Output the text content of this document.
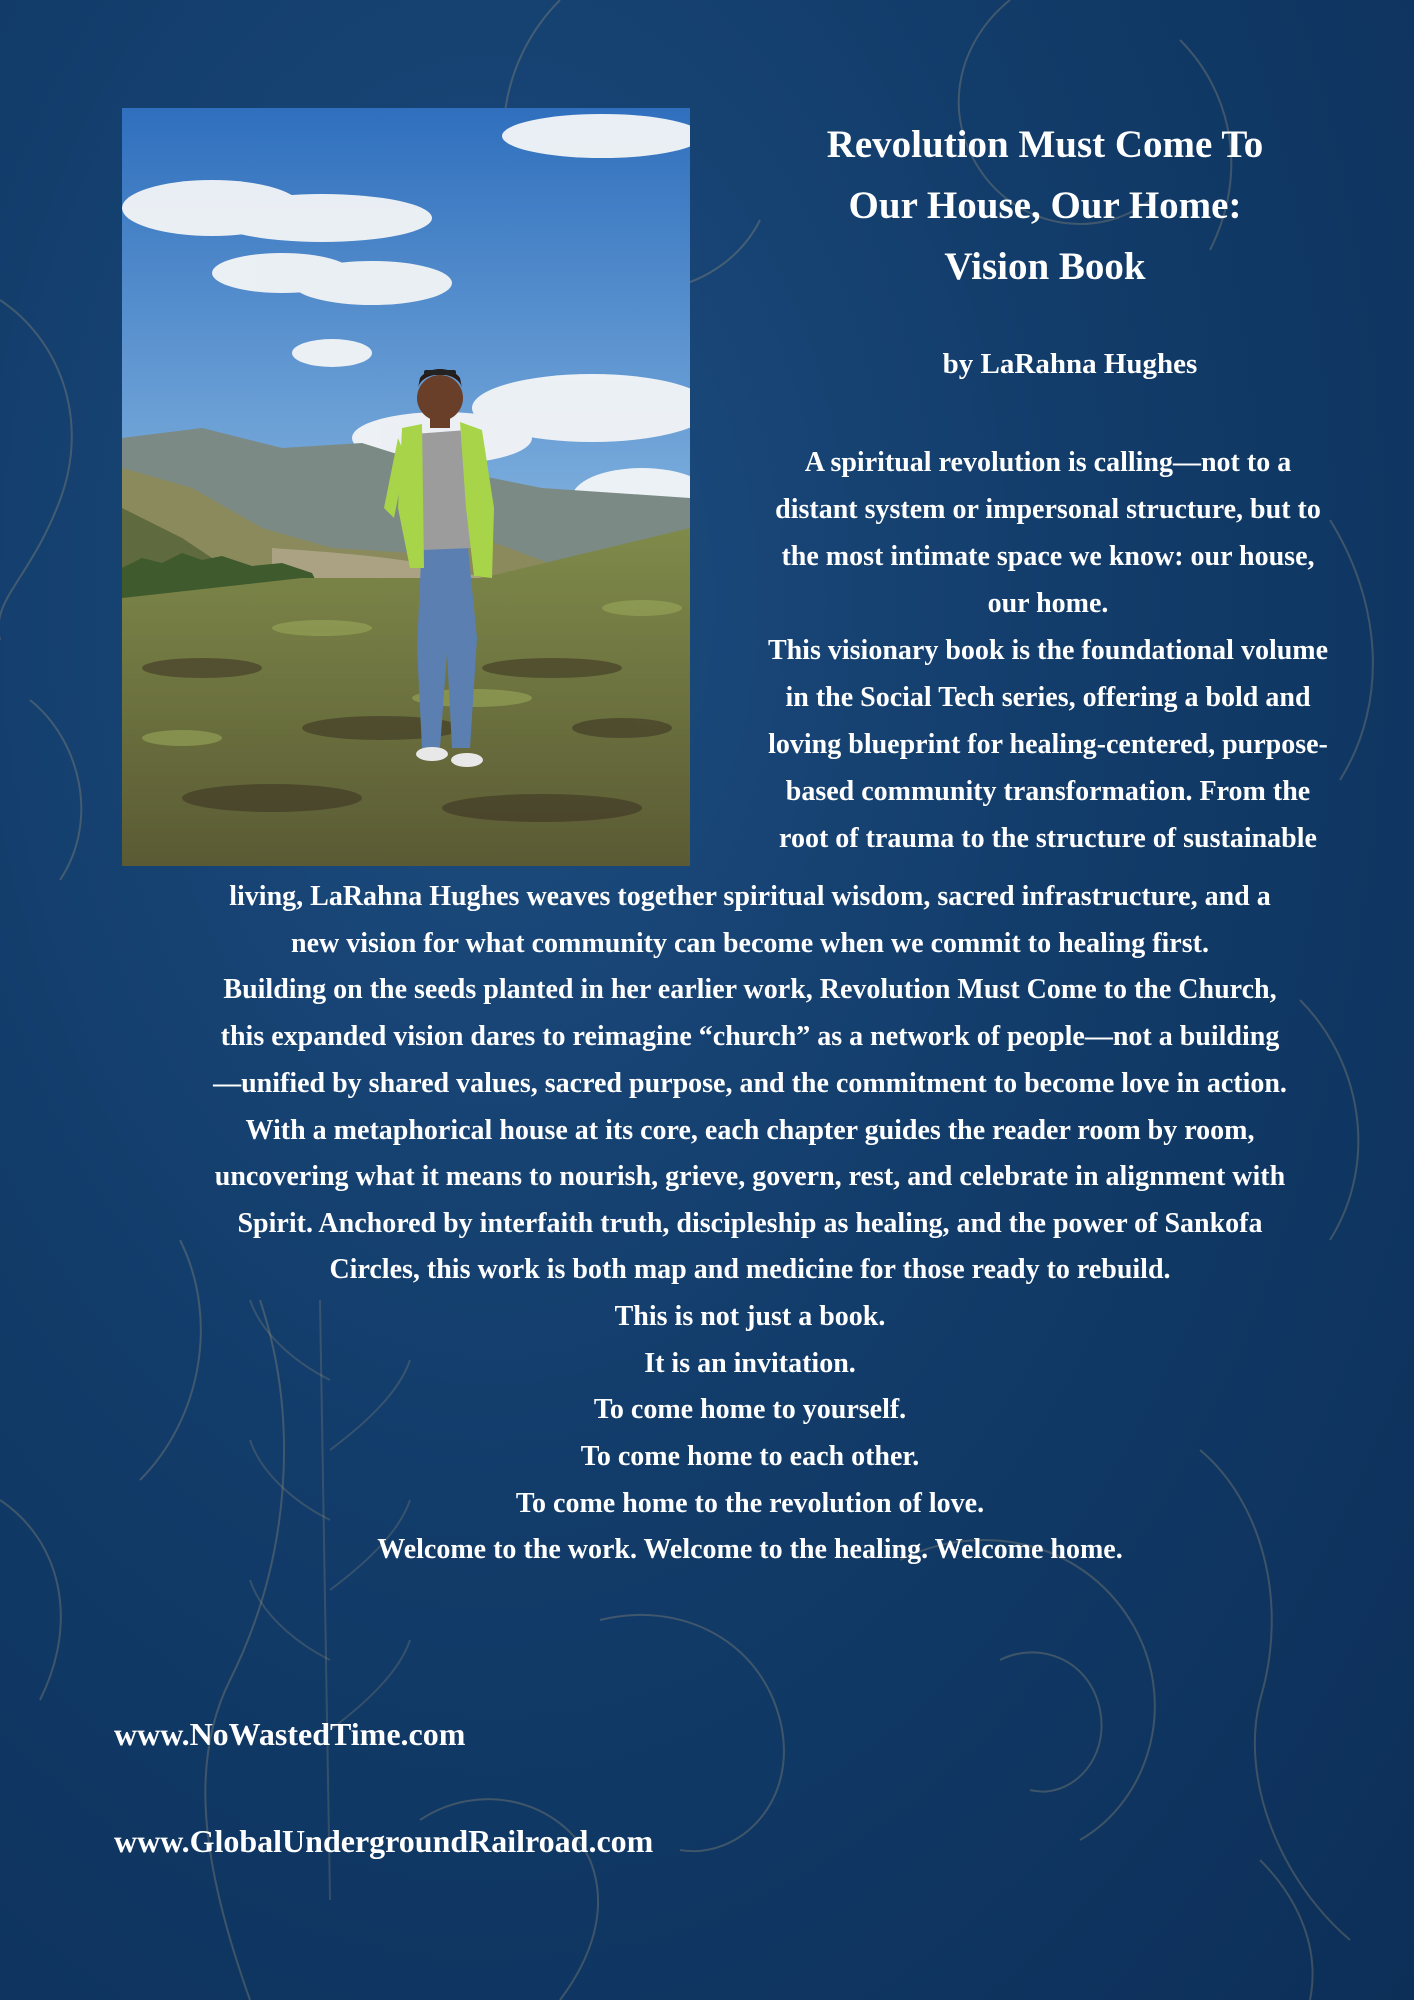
Revolution Must Come To
Our House, Our Home:
Vision Book
by LaRahna Hughes
A spiritual revolution is calling—not to a
distant system or impersonal structure, but to
the most intimate space we know: our house,
our home.
This visionary book is the foundational volume
in the Social Tech series, offering a bold and
loving blueprint for healing-centered, purpose-
based community transformation. From the
root of trauma to the structure of sustainable
living, LaRahna Hughes weaves together spiritual wisdom, sacred infrastructure, and a
new vision for what community can become when we commit to healing first.
Building on the seeds planted in her earlier work, Revolution Must Come to the Church,
this expanded vision dares to reimagine “church” as a network of people—not a building
—unified by shared values, sacred purpose, and the commitment to become love in action.
With a metaphorical house at its core, each chapter guides the reader room by room,
uncovering what it means to nourish, grieve, govern, rest, and celebrate in alignment with
Spirit. Anchored by interfaith truth, discipleship as healing, and the power of Sankofa
Circles, this work is both map and medicine for those ready to rebuild.
This is not just a book.
It is an invitation.
To come home to yourself.
To come home to each other.
To come home to the revolution of love.
Welcome to the work. Welcome to the healing. Welcome home.
www.NoWastedTime.com
www.GlobalUndergroundRailroad.com
